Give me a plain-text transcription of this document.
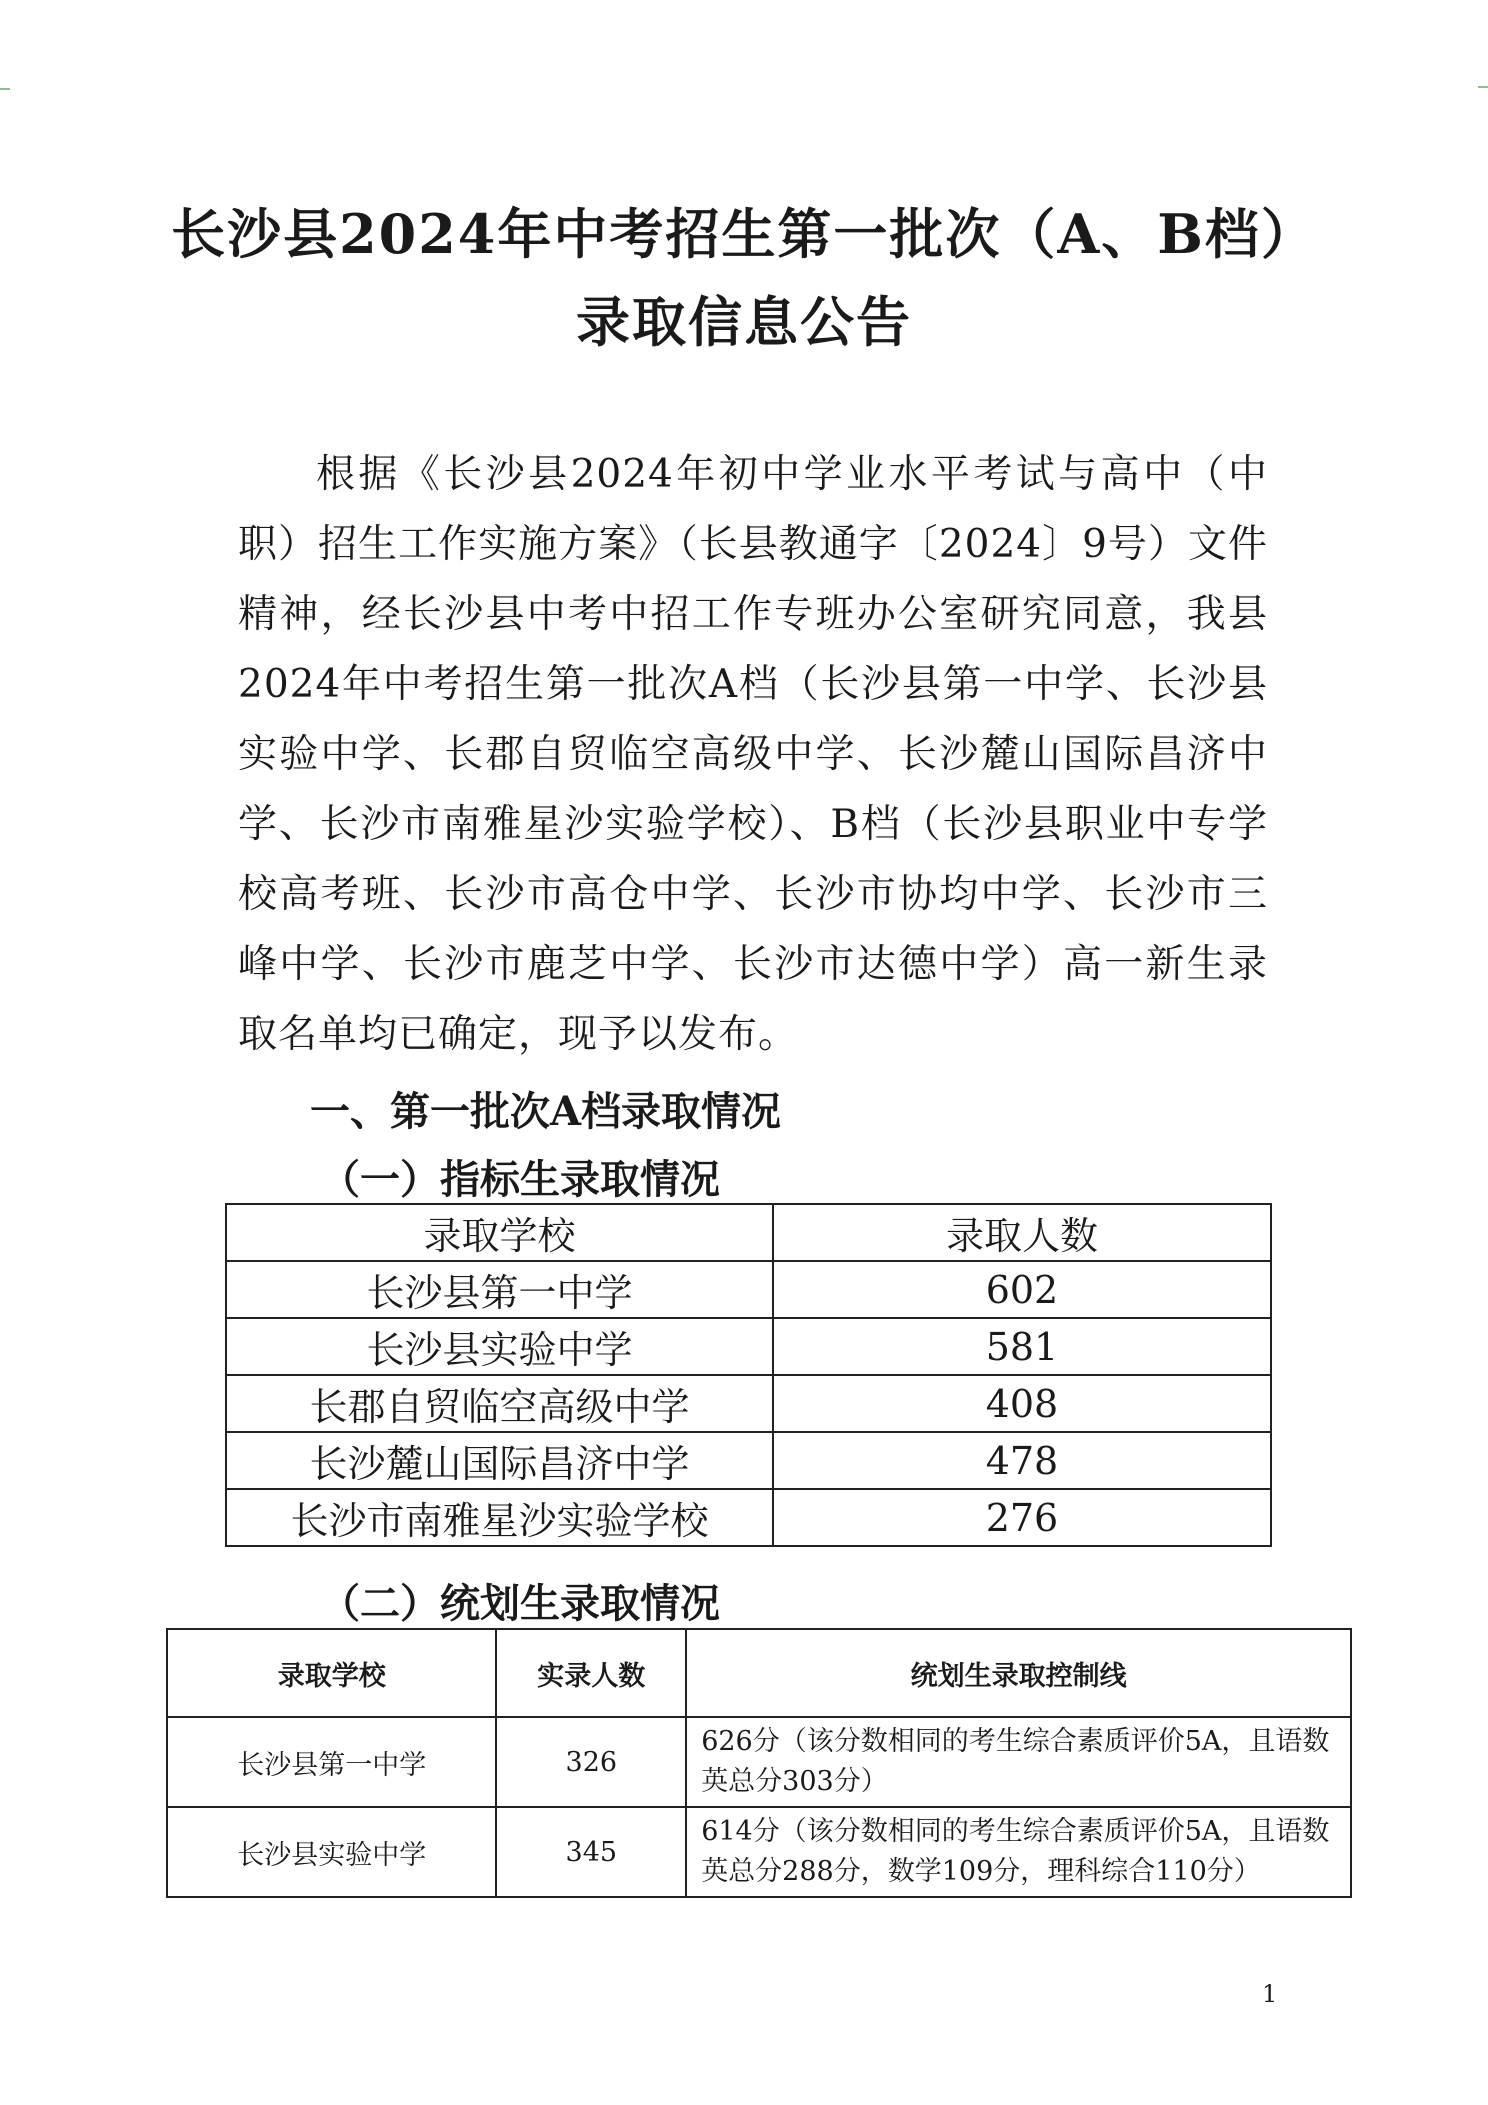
长沙县2024年中考招生第一批次（A、B档）
录取信息公告

根据《长沙县2024年初中学业水平考试与高中（中职）招生工作实施方案》（长县教通字〔2024〕9号）文件精神，经长沙县中考中招工作专班办公室研究同意，我县2024年中考招生第一批次A档（长沙县第一中学、长沙县实验中学、长郡自贸临空高级中学、长沙麓山国际昌济中学、长沙市南雅星沙实验学校）、B档（长沙县职业中专学校高考班、长沙市高仓中学、长沙市协均中学、长沙市三峰中学、长沙市鹿芝中学、长沙市达德中学）高一新生录取名单均已确定，现予以发布。

一、第一批次A档录取情况
（一）指标生录取情况
录取学校	录取人数
长沙县第一中学	602
长沙县实验中学	581
长郡自贸临空高级中学	408
长沙麓山国际昌济中学	478
长沙市南雅星沙实验学校	276
（二）统划生录取情况
录取学校	实录人数	统划生录取控制线
长沙县第一中学	326	626分（该分数相同的考生综合素质评价5A，且语数英总分303分）
长沙县实验中学	345	614分（该分数相同的考生综合素质评价5A，且语数英总分288分，数学109分，理科综合110分）

1
